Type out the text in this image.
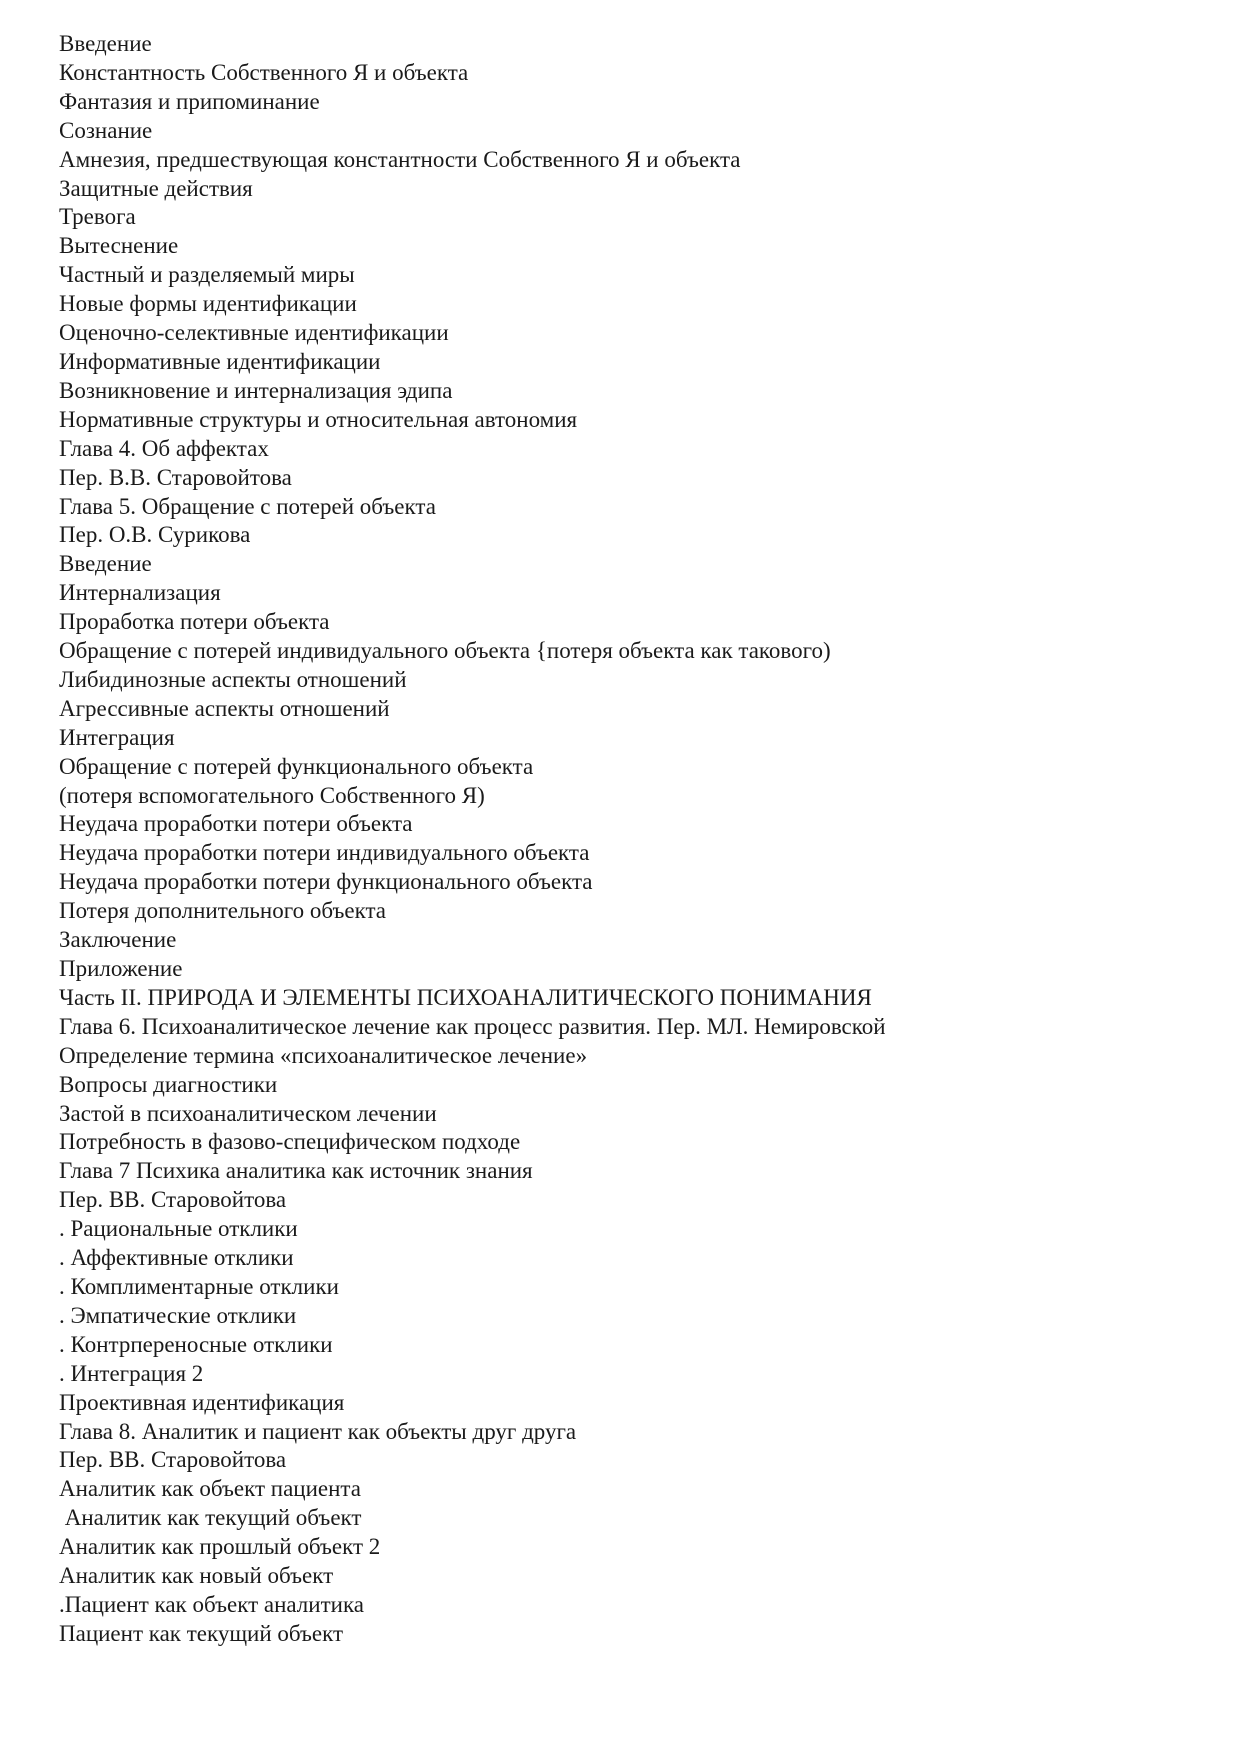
Введение
Константность Собственного Я и объекта
Фантазия и припоминание
Сознание
Амнезия, предшествующая константности Собственного Я и объекта
Защитные действия
Тревога
Вытеснение
Частный и разделяемый миры
Новые формы идентификации
Оценочно-селективные идентификации
Информативные идентификации
Возникновение и интернализация эдипа
Нормативные структуры и относительная автономия
Глава 4. Об аффектах
Пер. В.В. Старовойтова
Глава 5. Обращение с потерей объекта
Пер. О.В. Сурикова
Введение
Интернализация
Проработка потери объекта
Обращение с потерей индивидуального объекта {потеря объекта как такового)
Либидинозные аспекты отношений
Агрессивные аспекты отношений
Интеграция
Обращение с потерей функционального объекта
(потеря вспомогательного Собственного Я)
Неудача проработки потери объекта
Неудача проработки потери индивидуального объекта
Неудача проработки потери функционального объекта
Потеря дополнительного объекта
Заключение
Приложение
Часть II. ПРИРОДА И ЭЛЕМЕНТЫ ПСИХОАНАЛИТИЧЕСКОГО ПОНИМАНИЯ
Глава 6. Психоаналитическое лечение как процесс развития. Пер. МЛ. Немировской
Определение термина «психоаналитическое лечение»
Вопросы диагностики
Застой в психоаналитическом лечении
Потребность в фазово-специфическом подходе
Глава 7 Психика аналитика как источник знания
Пер. ВВ. Старовойтова
. Рациональные отклики
. Аффективные отклики
. Комплиментарные отклики
. Эмпатические отклики
. Контрпереносные отклики
. Интеграция 2
Проективная идентификация
Глава 8. Аналитик и пациент как объекты друг друга
Пер. ВВ. Старовойтова
Аналитик как объект пациента
Аналитик как текущий объект
Аналитик как прошлый объект 2
Аналитик как новый объект
.Пациент как объект аналитика
Пациент как текущий объект
